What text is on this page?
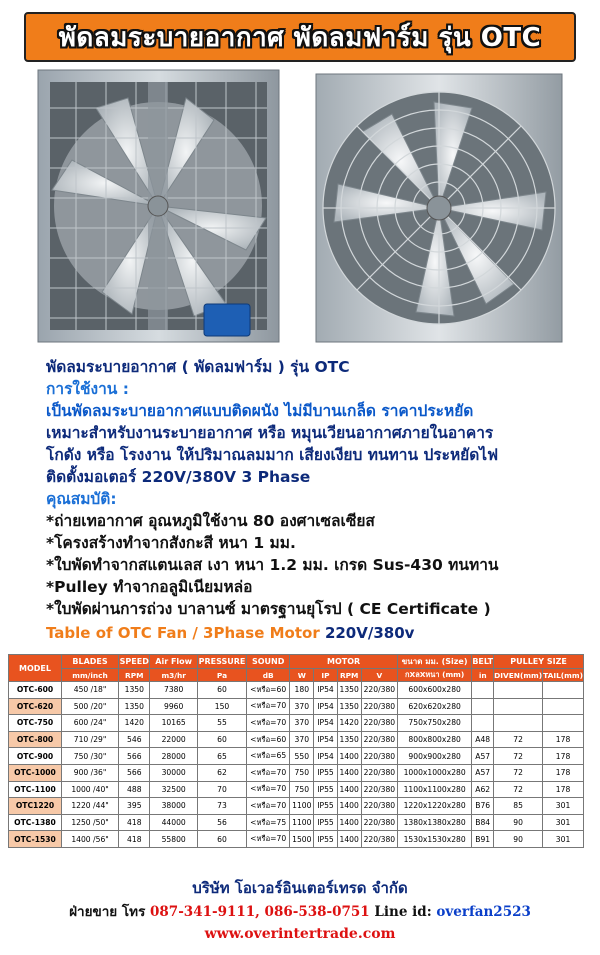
พัดลมระบายอากาศ พัดลมฟาร์ม รุ่น OTC
พัดลมระบายอากาศ ( พัดลมฟาร์ม ) รุ่น OTC
การใช้งาน :
เป็นพัดลมระบายอากาศแบบติดผนัง ไม่มีบานเกล็ด ราคาประหยัด
เหมาะสำหรับงานระบายอากาศ หรือ หมุนเวียนอากาศภายในอาคาร
โกดัง หรือ โรงงาน ให้ปริมาณลมมาก เสียงเงียบ ทนทาน ประหยัดไฟ
ติดตั้งมอเตอร์ 220V/380V 3 Phase
คุณสมบัติ:
*ถ่ายเทอากาศ อุณหภูมิใช้งาน 80 องศาเซลเซียส
*โครงสร้างทำจากสังกะสี หนา 1 มม.
*ใบพัดทำจากสแตนเลส เงา หนา 1.2 มม. เกรด Sus-430 ทนทาน
*Pulley ทำจากอลูมิเนียมหล่อ
*ใบพัดผ่านการถ่วง บาลานซ์ มาตรฐานยุโรป ( CE Certificate )
Table of OTC Fan / 3Phase Motor 220V/380v
MODEL	BLADES	SPEED	Air Flow	PRESSURE	SOUND	MOTOR				ขนาด มม. (Size)	BELT	PULLEY SIZE	
	mm/inch	RPM	m3/hr	Pa	dB	W	IP	RPM	V	กXลXหนา (mm)	in	DIVEN(mm)	TAIL(mm)
OTC-600	450 /18"	1350	7380	60	<หรือ=60	180	IP54	1350	220/380	600x600x280			
OTC-620	500 /20"	1350	9960	150	<หรือ=70	370	IP54	1350	220/380	620x620x280			
OTC-750	600 /24"	1420	10165	55	<หรือ=70	370	IP54	1420	220/380	750x750x280			
OTC-800	710 /29"	546	22000	60	<หรือ=60	370	IP54	1350	220/380	800x800x280	A48	72	178
OTC-900	750 /30"	566	28000	65	<หรือ=65	550	IP54	1400	220/380	900x900x280	A57	72	178
OTC-1000	900 /36"	566	30000	62	<หรือ=70	750	IP55	1400	220/380	1000x1000x280	A57	72	178
OTC-1100	1000 /40"	488	32500	70	<หรือ=70	750	IP55	1400	220/380	1100x1100x280	A62	72	178
OTC1220	1220 /44"	395	38000	73	<หรือ=70	1100	IP55	1400	220/380	1220x1220x280	B76	85	301
OTC-1380	1250 /50"	418	44000	56	<หรือ=75	1100	IP55	1400	220/380	1380x1380x280	B84	90	301
OTC-1530	1400 /56"	418	55800	60	<หรือ=70	1500	IP55	1400	220/380	1530x1530x280	B91	90	301
บริษัท โอเวอร์อินเตอร์เทรด จำกัด
ฝ่ายขาย โทร 087-341-9111, 086-538-0751 Line id: overfan2523
www.overintertrade.com
